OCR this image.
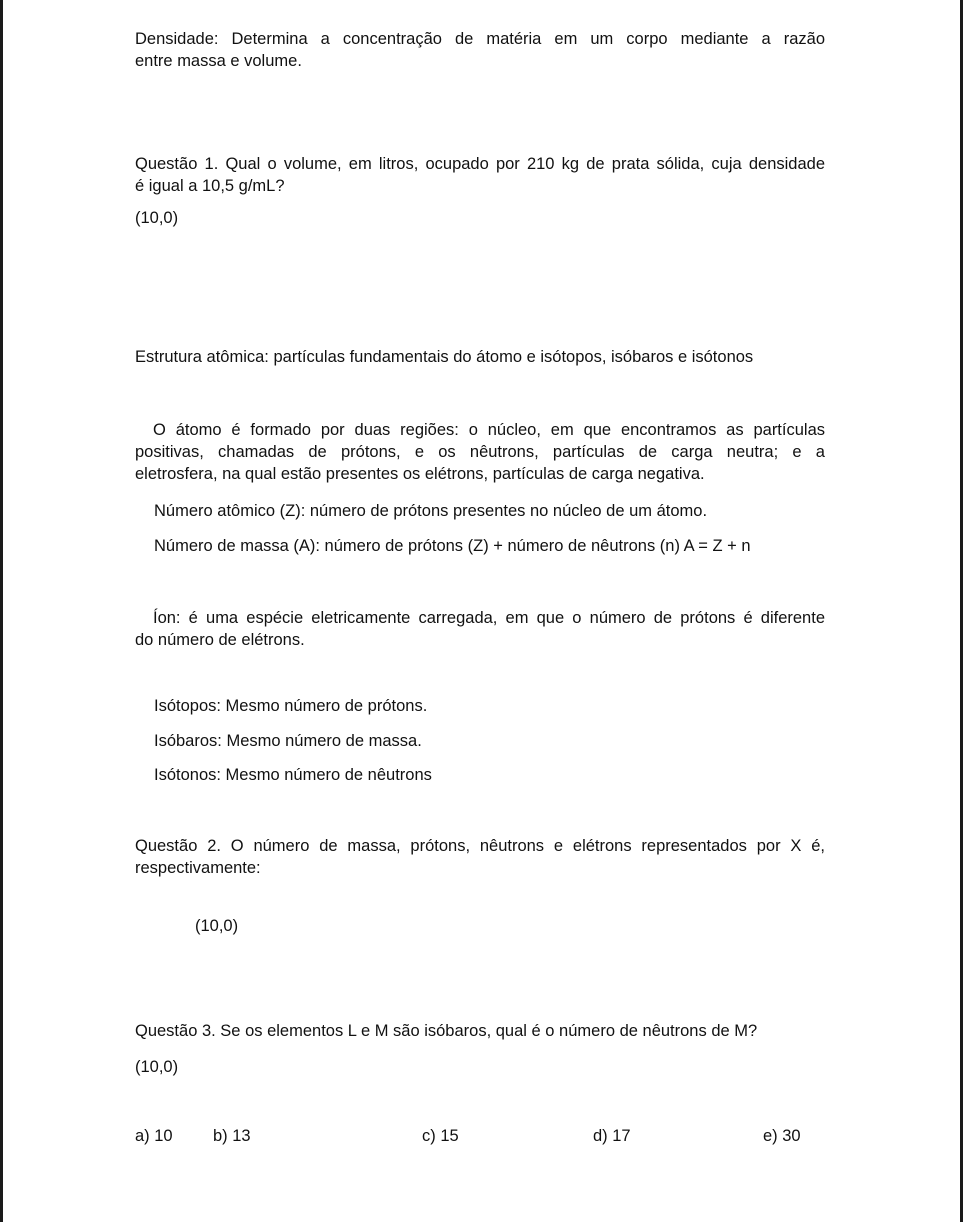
Densidade: Determina a concentração de matéria em um corpo mediante a razão
entre massa e volume.
Questão 1. Qual o volume, em litros, ocupado por 210 kg de prata sólida, cuja densidade
é igual a 10,5 g/mL?

(10,0)

Estrutura atômica: partículas fundamentais do átomo e isótopos, isóbaros e isótonos

O átomo é formado por duas regiões: o núcleo, em que encontramos as partículas
positivas, chamadas de prótons, e os nêutrons, partículas de carga neutra; e a
eletrosfera, na qual estão presentes os elétrons, partículas de carga negativa.

Número atômico (Z): número de prótons presentes no núcleo de um átomo.

Número de massa (A): número de prótons (Z) + número de nêutrons (n) A = Z + n

Íon: é uma espécie eletricamente carregada, em que o número de prótons é diferente
do número de elétrons.

Isótopos: Mesmo número de prótons.

Isóbaros: Mesmo número de massa.

Isótonos: Mesmo número de nêutrons

Questão 2. O número de massa, prótons, nêutrons e elétrons representados por X é,
respectivamente:

(10,0)

Questão 3. Se os elementos L e M são isóbaros, qual é o número de nêutrons de M?

(10,0)

a) 10 b) 13	c) 15	d) 17	e) 30
